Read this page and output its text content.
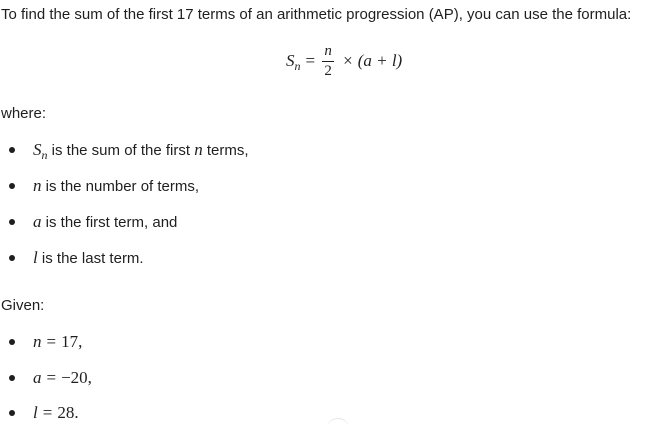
To find the sum of the first 17 terms of an arithmetic progression (AP), you can use the formula:
$S_n = \frac{n}{2} \times (a + l)$
where:
$S_n$ is the sum of the first n terms,
n is the number of terms,
a is the first term, and
l is the last term.
Given:
n = 17,
a = −20,
l = 28.
